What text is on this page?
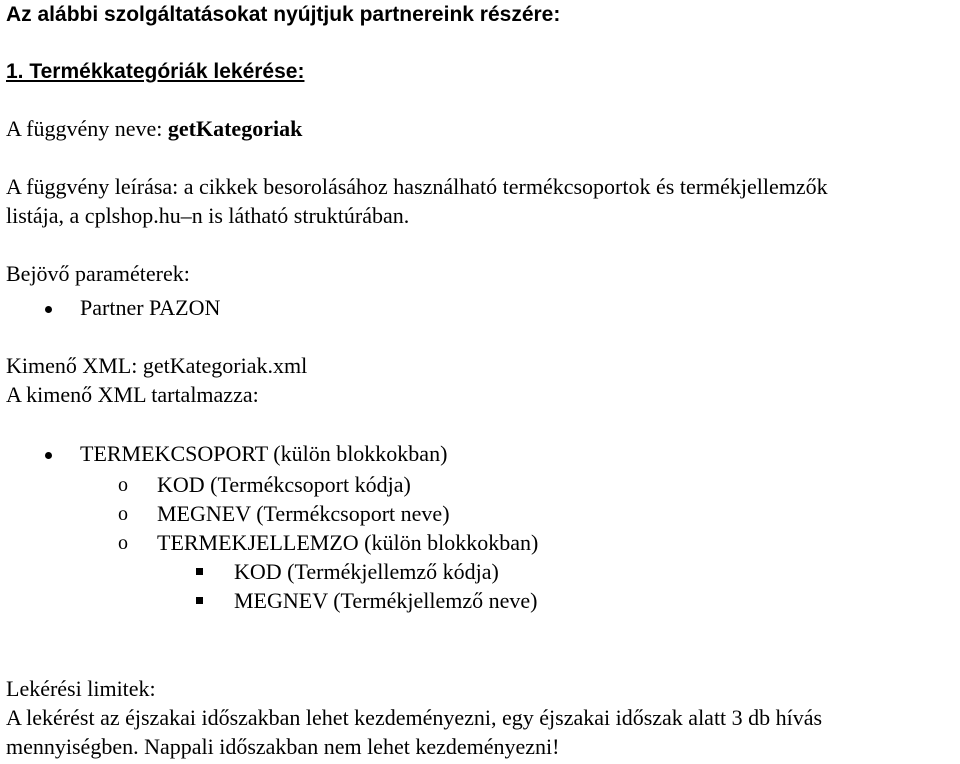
Az alábbi szolgáltatásokat nyújtjuk partnereink részére:
1. Termékkategóriák lekérése:
A függvény neve: getKategoriak
A függvény leírása: a cikkek besorolásához használható termékcsoportok és termékjellemzők
listája, a cplshop.hu–n is látható struktúrában.
Bejövő paraméterek:
Partner PAZON
Kimenő XML: getKategoriak.xml
A kimenő XML tartalmazza:
TERMEKCSOPORT (külön blokkokban)
o KOD (Termékcsoport kódja)
o MEGNEV (Termékcsoport neve)
o TERMEKJELLEMZO (külön blokkokban)
KOD (Termékjellemző kódja)
MEGNEV (Termékjellemző neve)
Lekérési limitek:
A lekérést az éjszakai időszakban lehet kezdeményezni, egy éjszakai időszak alatt 3 db hívás
mennyiségben. Nappali időszakban nem lehet kezdeményezni!
